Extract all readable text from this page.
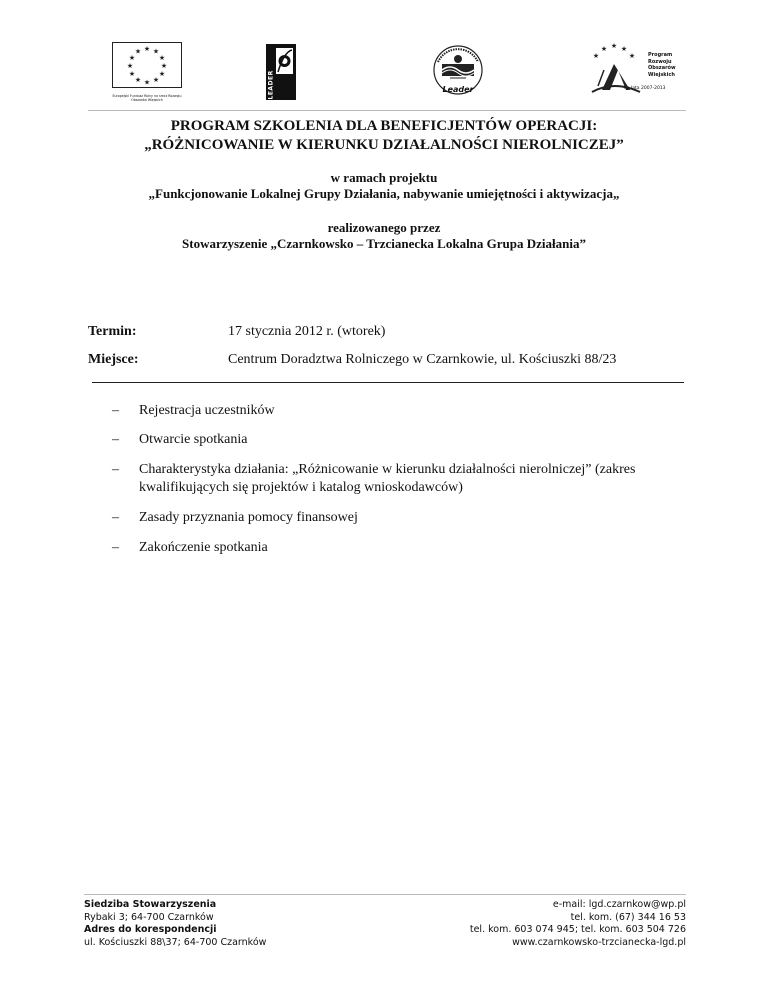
★ ★
★
★
★
★
★
★
★
★
★
★
Europejski Fundusz Rolny na rzecz Rozwoju Obszarów Wiejskich
LEADER	Leader
★ ★
★
★	★	Program
Rozwoju
Obszarów
Wiejskich
na lata 2007-2013
PROGRAM SZKOLENIA DLA BENEFICJENTÓW OPERACJI:
„RÓŻNICOWANIE W KIERUNKU DZIAŁALNOŚCI NIEROLNICZEJ”
w ramach projektu
„Funkcjonowanie Lokalnej Grupy Działania, nabywanie umiejętności i aktywizacja„
realizowanego przez
Stowarzyszenie „Czarnkowsko – Trzcianecka Lokalna Grupa Działania”
Termin:	17 stycznia 2012 r. (wtorek)
Miejsce:	Centrum Doradztwa Rolniczego w Czarnkowie, ul. Kościuszki 88/23
– Rejestracja uczestników
– Otwarcie spotkania
– Charakterystyka działania: „Różnicowanie w kierunku działalności nierolniczej” (zakres kwalifikujących się projektów i katalog wnioskodawców)
– Zasady przyznania pomocy finansowej
– Zakończenie spotkania
Siedziba Stowarzyszenia
Rybaki 3; 64-700 Czarnków
Adres do korespondencji
ul. Kościuszki 88\37; 64-700 Czarnków
e-mail: lgd.czarnkow@wp.pl
tel. kom. (67) 344 16 53
tel. kom. 603 074 945; tel. kom. 603 504 726
www.czarnkowsko-trzcianecka-lgd.pl
